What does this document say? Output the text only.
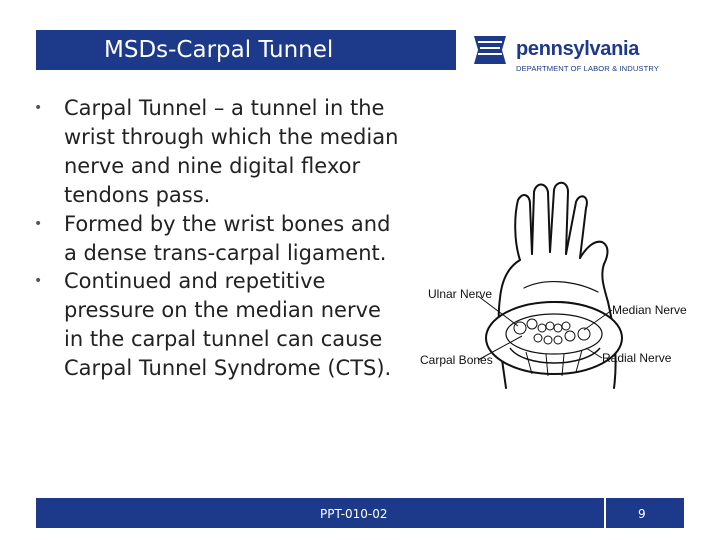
MSDs-Carpal Tunnel	pennsylvania
DEPARTMENT OF LABOR & INDUSTRY
• Carpal Tunnel – a tunnel in the wrist through which the median nerve and nine digital flexor tendons pass.
• Formed by the wrist bones and a dense trans-carpal ligament.
• Continued and repetitive pressure on the median nerve in the carpal tunnel can cause Carpal Tunnel Syndrome (CTS).
Ulnar Nerve
Median Nerve
Carpal Bones	Radial Nerve
PPT-010-02	9
